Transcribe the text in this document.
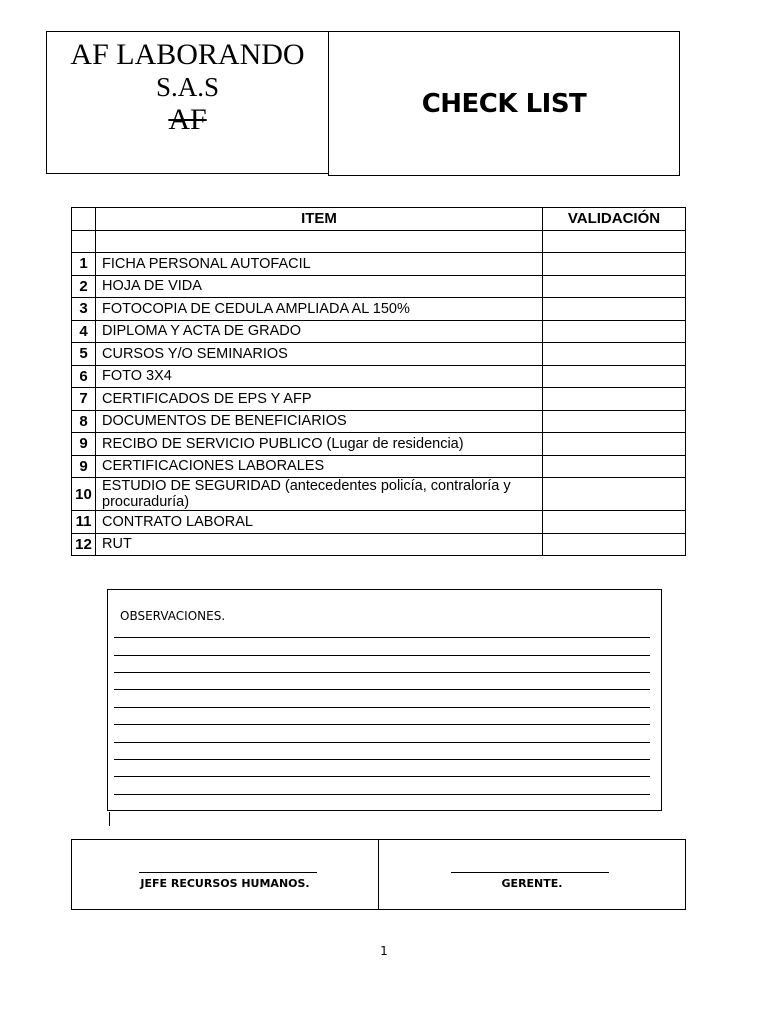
AF LABORANDO
S.A.S
AF	CHECK LIST
	ITEM	VALIDACIÓN

1	FICHA PERSONAL AUTOFACIL	
2	HOJA DE VIDA	
3	FOTOCOPIA DE CEDULA AMPLIADA AL 150%	
4	DIPLOMA Y ACTA DE GRADO	
5	CURSOS Y/O SEMINARIOS	
6	FOTO 3X4	
7	CERTIFICADOS DE EPS Y AFP	
8	DOCUMENTOS DE BENEFICIARIOS	
9	RECIBO DE SERVICIO PUBLICO (Lugar de residencia)	
9	CERTIFICACIONES LABORALES	
10	ESTUDIO DE SEGURIDAD (antecedentes policía, contraloría y procuraduría)	
11	CONTRATO LABORAL	
12	RUT	
OBSERVACIONES.
JEFE RECURSOS HUMANOS.	GERENTE.
1
